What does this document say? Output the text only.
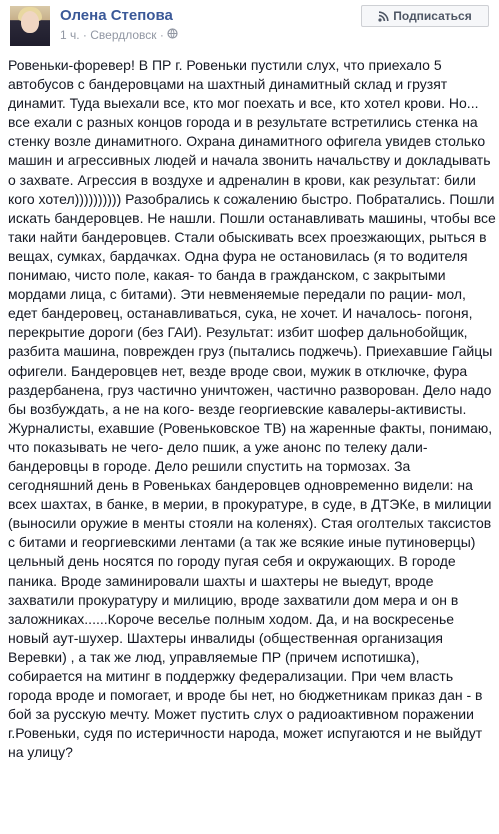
Олена Степова
1 ч. · Свердловск ·
Подписаться

Ровеньки-форевер! В ПР г. Ровеньки пустили слух, что приехало 5 автобусов с бандеровцами на шахтный динамитный склад и грузят динамит. Туда выехали все, кто мог поехать и все, кто хотел крови. Но... все ехали с разных концов города и в результате встретились стенка на стенку возле динамитного. Охрана динамитного офигела увидев столько машин и агрессивных людей и начала звонить начальству и докладывать о захвате. Агрессия в воздухе и адреналин в крови, как результат: били кого хотел)))))))))) Разобрались к сожалению быстро. Побратались. Пошли искать бандеровцев. Не нашли. Пошли останавливать машины, чтобы все таки найти бандеровцев. Стали обыскивать всех проезжающих, рыться в вещах, сумках, бардачках. Одна фура не остановилась (я то водителя понимаю, чисто поле, какая- то банда в гражданском, с закрытыми мордами лица, с битами). Эти невменяемые передали по рации- мол, едет бандеровец, останавливаться, сука, не хочет. И началось- погоня, перекрытие дороги (без ГАИ). Результат: избит шофер дальнобойщик, разбита машина, поврежден груз (пытались поджечь). Приехавшие Гайцы офигели. Бандеровцев нет, везде вроде свои, мужик в отключке, фура раздербанена, груз частично уничтожен, частично разворован. Дело надо бы возбуждать, а не на кого- везде георгиевские кавалеры-активисты. Журналисты, ехавшие (Ровеньковское ТВ) на жаренные факты, понимаю, что показывать не чего- дело пшик, а уже анонс по телеку дали- бандеровцы в городе. Дело решили спустить на тормозах. За сегодняшний день в Ровеньках бандеровцев одновременно видели: на всех шахтах, в банке, в мерии, в прокуратуре, в суде, в ДТЭКе, в милиции (выносили оружие в менты стояли на коленях). Стая оголтелых таксистов с битами и георгиевскими лентами (а так же всякие иные путиноверцы) цельный день носятся по городу пугая себя и окружающих. В городе паника. Вроде заминировали шахты и шахтеры не выедут, вроде захватили прокуратуру и милицию, вроде захватили дом мера и он в заложниках......Короче веселье полным ходом. Да, и на воскресенье новый аут-шухер. Шахтеры инвалиды (общественная организация Веревки) , а так же люд, управляемые ПР (причем испотишка), собирается на митинг в поддержку федерализации. При чем власть города вроде и помогает, и вроде бы нет, но бюджетникам приказ дан - в бой за русскую мечту. Может пустить слух о радиоактивном поражении г.Ровеньки, судя по истеричности народа, может испугаются и не выйдут на улицу?
